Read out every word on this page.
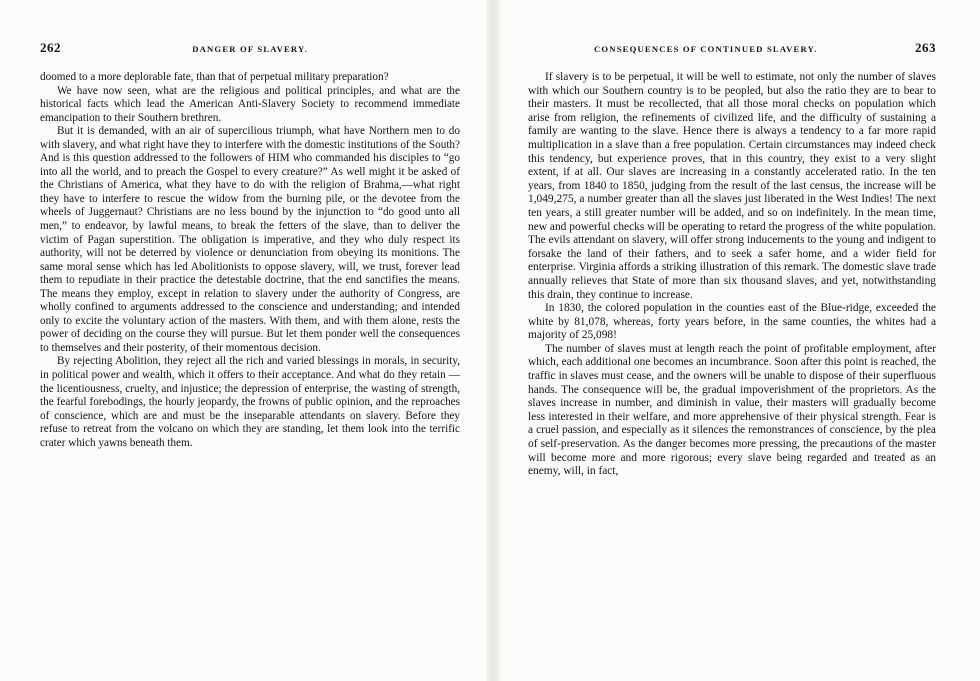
262	DANGER OF SLAVERY.

doomed to a more deplorable fate, than that of perpetual military preparation?

We have now seen, what are the religious and political principles, and what are the historical facts which lead the American Anti-Slavery Society to recommend immediate emancipation to their Southern brethren.

But it is demanded, with an air of supercilious triumph, what have Northern men to do with slavery, and what right have they to interfere with the domestic institutions of the South? And is this question addressed to the followers of HIM who commanded his disciples to “go into all the world, and to preach the Gospel to every creature?” As well might it be asked of the Christians of America, what they have to do with the religion of Brahma,—what right they have to interfere to rescue the widow from the burning pile, or the devotee from the wheels of Juggernaut? Christians are no less bound by the injunction to “do good unto all men,” to endeavor, by lawful means, to break the fetters of the slave, than to deliver the victim of Pagan superstition. The obligation is imperative, and they who duly respect its authority, will not be deterred by violence or denunciation from obeying its monitions. The same moral sense which has led Abolitionists to oppose slavery, will, we trust, forever lead them to repudiate in their practice the detestable doctrine, that the end sanctifies the means. The means they employ, except in relation to slavery under the authority of Congress, are wholly confined to arguments addressed to the conscience and understanding; and intended only to excite the voluntary action of the masters. With them, and with them alone, rests the power of deciding on the course they will pursue. But let them ponder well the consequences to themselves and their posterity, of their momentous decision.

By rejecting Abolition, they reject all the rich and varied blessings in morals, in security, in political power and wealth, which it offers to their acceptance. And what do they retain —the licentiousness, cruelty, and injustice; the depression of enterprise, the wasting of strength, the fearful forebodings, the hourly jeopardy, the frowns of public opinion, and the reproaches of conscience, which are and must be the inseparable attendants on slavery. Before they refuse to retreat from the volcano on which they are standing, let them look into the terrific crater which yawns beneath them.

CONSEQUENCES OF CONTINUED SLAVERY.	263

If slavery is to be perpetual, it will be well to estimate, not only the number of slaves with which our Southern country is to be peopled, but also the ratio they are to bear to their masters. It must be recollected, that all those moral checks on population which arise from religion, the refinements of civilized life, and the difficulty of sustaining a family are wanting to the slave. Hence there is always a tendency to a far more rapid multiplication in a slave than a free population. Certain circumstances may indeed check this tendency, but experience proves, that in this country, they exist to a very slight extent, if at all. Our slaves are increasing in a constantly accelerated ratio. In the ten years, from 1840 to 1850, judging from the result of the last census, the increase will be 1,049,275, a number greater than all the slaves just liberated in the West Indies! The next ten years, a still greater number will be added, and so on indefinitely. In the mean time, new and powerful checks will be operating to retard the progress of the white population. The evils attendant on slavery, will offer strong inducements to the young and indigent to forsake the land of their fathers, and to seek a safer home, and a wider field for enterprise. Virginia affords a striking illustration of this remark. The domestic slave trade annually relieves that State of more than six thousand slaves, and yet, notwithstanding this drain, they continue to increase.

In 1830, the colored population in the counties east of the Blue-ridge, exceeded the white by 81,078, whereas, forty years before, in the same counties, the whites had a majority of 25,098!

The number of slaves must at length reach the point of profitable employment, after which, each additional one becomes an incumbrance. Soon after this point is reached, the traffic in slaves must cease, and the owners will be unable to dispose of their superfluous hands. The consequence will be, the gradual impoverishment of the proprietors. As the slaves increase in number, and diminish in value, their masters will gradually become less interested in their welfare, and more apprehensive of their physical strength. Fear is a cruel passion, and especially as it silences the remonstrances of conscience, by the plea of self-preservation. As the danger becomes more pressing, the precautions of the master will become more and more rigorous; every slave being regarded and treated as an enemy, will, in fact,
